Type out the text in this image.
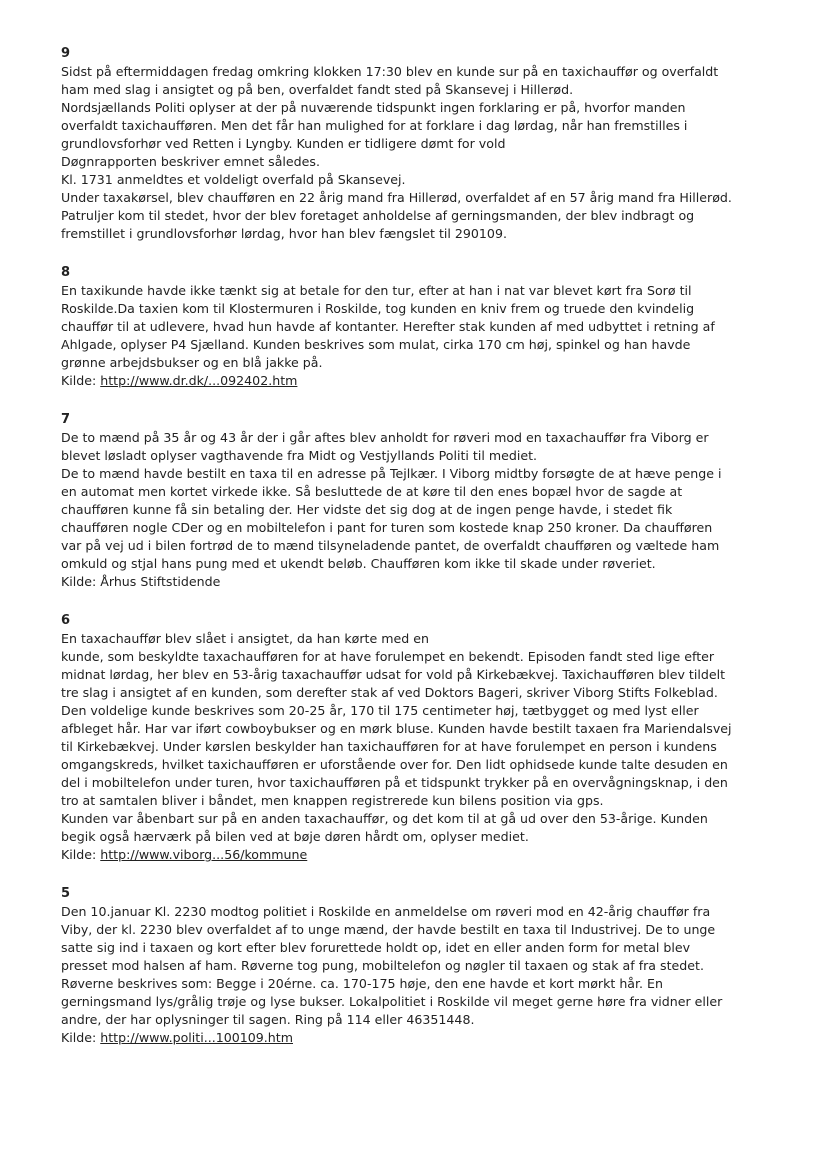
9
Sidst på eftermiddagen fredag omkring klokken 17:30 blev en kunde sur på en taxichauffør og overfaldt
ham med slag i ansigtet og på ben, overfaldet fandt sted på Skansevej i Hillerød.
Nordsjællands Politi oplyser at der på nuværende tidspunkt ingen forklaring er på, hvorfor manden
overfaldt taxichaufføren. Men det får han mulighed for at forklare i dag lørdag, når han fremstilles i
grundlovsforhør ved Retten i Lyngby. Kunden er tidligere dømt for vold
Døgnrapporten beskriver emnet således.
Kl. 1731 anmeldtes et voldeligt overfald på Skansevej.
Under taxakørsel, blev chaufføren en 22 årig mand fra Hillerød, overfaldet af en 57 årig mand fra Hillerød.
Patruljer kom til stedet, hvor der blev foretaget anholdelse af gerningsmanden, der blev indbragt og
fremstillet i grundlovsforhør lørdag, hvor han blev fængslet til 290109.
8
En taxikunde havde ikke tænkt sig at betale for den tur, efter at han i nat var blevet kørt fra Sorø til
Roskilde.Da taxien kom til Klostermuren i Roskilde, tog kunden en kniv frem og truede den kvindelig
chauffør til at udlevere, hvad hun havde af kontanter. Herefter stak kunden af med udbyttet i retning af
Ahlgade, oplyser P4 Sjælland. Kunden beskrives som mulat, cirka 170 cm høj, spinkel og han havde
grønne arbejdsbukser og en blå jakke på.
Kilde: http://www.dr.dk/...092402.htm
7
De to mænd på 35 år og 43 år der i går aftes blev anholdt for røveri mod en taxachauffør fra Viborg er
blevet løsladt oplyser vagthavende fra Midt og Vestjyllands Politi til mediet.
De to mænd havde bestilt en taxa til en adresse på Tejlkær. I Viborg midtby forsøgte de at hæve penge i
en automat men kortet virkede ikke. Så besluttede de at køre til den enes bopæl hvor de sagde at
chaufføren kunne få sin betaling der. Her vidste det sig dog at de ingen penge havde, i stedet fik
chaufføren nogle CDer og en mobiltelefon i pant for turen som kostede knap 250 kroner. Da chaufføren
var på vej ud i bilen fortrød de to mænd tilsyneladende pantet, de overfaldt chaufføren og væltede ham
omkuld og stjal hans pung med et ukendt beløb. Chaufføren kom ikke til skade under røveriet.
Kilde: Århus Stiftstidende
6
En taxachauffør blev slået i ansigtet, da han kørte med en
kunde, som beskyldte taxachaufføren for at have forulempet en bekendt. Episoden fandt sted lige efter
midnat lørdag, her blev en 53-årig taxachauffør udsat for vold på Kirkebækvej. Taxichaufføren blev tildelt
tre slag i ansigtet af en kunden, som derefter stak af ved Doktors Bageri, skriver Viborg Stifts Folkeblad.
Den voldelige kunde beskrives som 20-25 år, 170 til 175 centimeter høj, tætbygget og med lyst eller
afbleget hår. Har var iført cowboybukser og en mørk bluse. Kunden havde bestilt taxaen fra Mariendalsvej
til Kirkebækvej. Under kørslen beskylder han taxichaufføren for at have forulempet en person i kundens
omgangskreds, hvilket taxichaufføren er uforstående over for. Den lidt ophidsede kunde talte desuden en
del i mobiltelefon under turen, hvor taxichaufføren på et tidspunkt trykker på en overvågningsknap, i den
tro at samtalen bliver i båndet, men knappen registrerede kun bilens position via gps.
Kunden var åbenbart sur på en anden taxachauffør, og det kom til at gå ud over den 53-årige. Kunden
begik også hærværk på bilen ved at bøje døren hårdt om, oplyser mediet.
Kilde: http://www.viborg...56/kommune
5
Den 10.januar Kl. 2230 modtog politiet i Roskilde en anmeldelse om røveri mod en 42-årig chauffør fra
Viby, der kl. 2230 blev overfaldet af to unge mænd, der havde bestilt en taxa til Industrivej. De to unge
satte sig ind i taxaen og kort efter blev forurettede holdt op, idet en eller anden form for metal blev
presset mod halsen af ham. Røverne tog pung, mobiltelefon og nøgler til taxaen og stak af fra stedet.
Røverne beskrives som: Begge i 20érne. ca. 170-175 høje, den ene havde et kort mørkt hår. En
gerningsmand lys/grålig trøje og lyse bukser. Lokalpolitiet i Roskilde vil meget gerne høre fra vidner eller
andre, der har oplysninger til sagen. Ring på 114 eller 46351448.
Kilde: http://www.politi...100109.htm
